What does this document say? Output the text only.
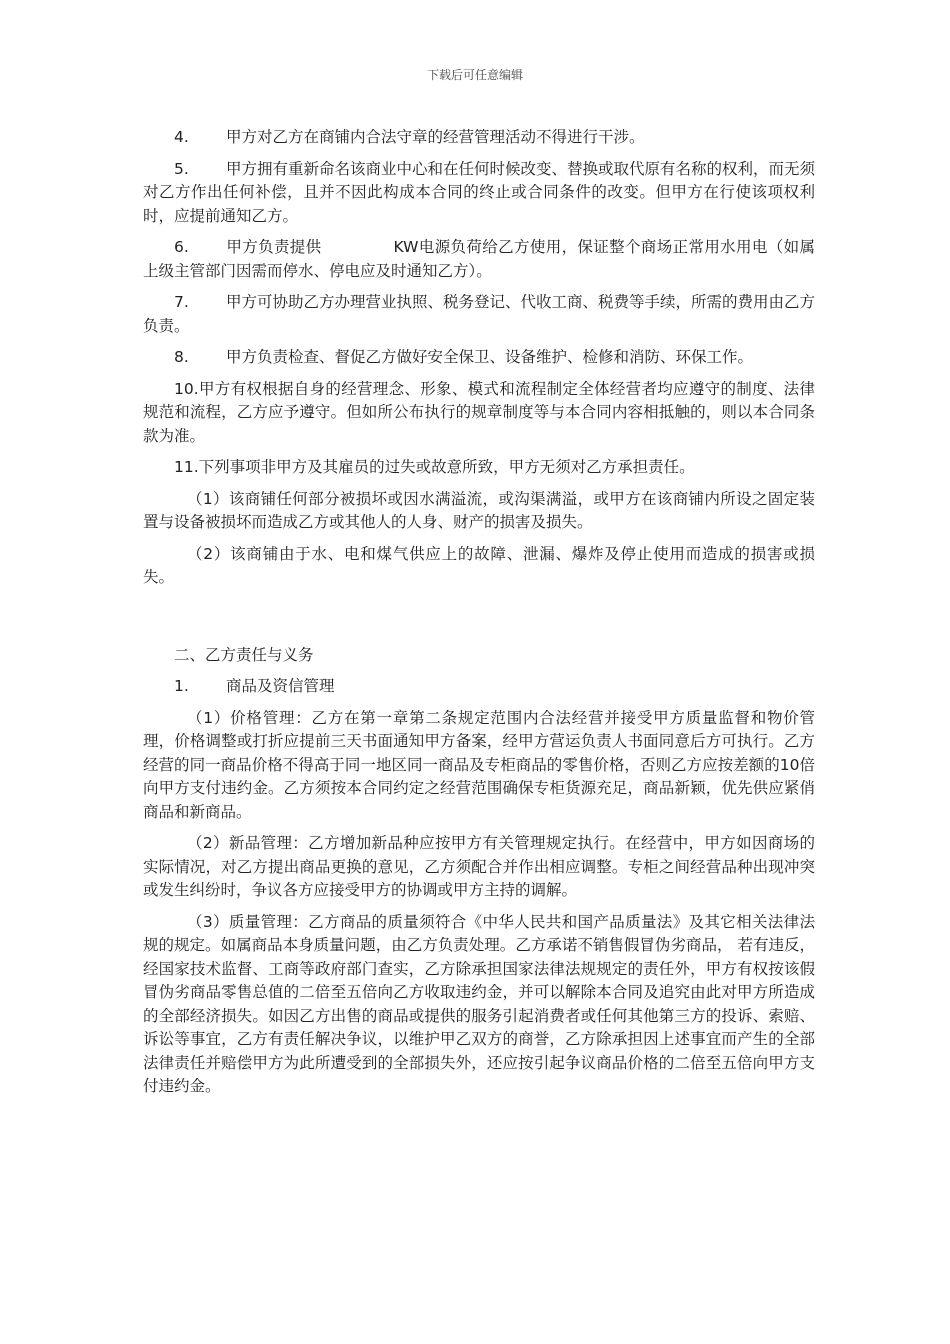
下载后可任意编辑

4. 甲方对乙方在商铺内合法守章的经营管理活动不得进行干涉。

5. 甲方拥有重新命名该商业中心和在任何时候改变、替换或取代原有名称的权利，而无须对乙方作出任何补偿，且并不因此构成本合同的终止或合同条件的改变。但甲方在行使该项权利时，应提前通知乙方。

6. 甲方负责提供	KW电源负荷给乙方使用，保证整个商场正常用水用电（如属上级主管部门因需而停水、停电应及时通知乙方）。

7. 甲方可协助乙方办理营业执照、税务登记、代收工商、税费等手续，所需的费用由乙方负责。

8. 甲方负责检查、督促乙方做好安全保卫、设备维护、检修和消防、环保工作。

10.甲方有权根据自身的经营理念、形象、模式和流程制定全体经营者均应遵守的制度、法律规范和流程，乙方应予遵守。但如所公布执行的规章制度等与本合同内容相抵触的，则以本合同条款为准。

11.下列事项非甲方及其雇员的过失或故意所致，甲方无须对乙方承担责任。

（1）该商铺任何部分被损坏或因水满溢流，或沟渠满溢，或甲方在该商铺内所设之固定装置与设备被损坏而造成乙方或其他人的人身、财产的损害及损失。

（2）该商铺由于水、电和煤气供应上的故障、泄漏、爆炸及停止使用而造成的损害或损失。

二、乙方责任与义务

1. 商品及资信管理

（1）价格管理：乙方在第一章第二条规定范围内合法经营并接受甲方质量监督和物价管理，价格调整或打折应提前三天书面通知甲方备案，经甲方营运负责人书面同意后方可执行。乙方经营的同一商品价格不得高于同一地区同一商品及专柜商品的零售价格，否则乙方应按差额的10倍向甲方支付违约金。乙方须按本合同约定之经营范围确保专柜货源充足，商品新颖，优先供应紧俏商品和新商品。

（2）新品管理：乙方增加新品种应按甲方有关管理规定执行。在经营中，甲方如因商场的实际情况，对乙方提出商品更换的意见，乙方须配合并作出相应调整。专柜之间经营品种出现冲突或发生纠纷时，争议各方应接受甲方的协调或甲方主持的调解。

（3）质量管理：乙方商品的质量须符合《中华人民共和国产品质量法》及其它相关法律法规的规定。如属商品本身质量问题，由乙方负责处理。乙方承诺不销售假冒伪劣商品， 若有违反，经国家技术监督、工商等政府部门查实，乙方除承担国家法律法规规定的责任外，甲方有权按该假冒伪劣商品零售总值的二倍至五倍向乙方收取违约金，并可以解除本合同及追究由此对甲方所造成的全部经济损失。如因乙方出售的商品或提供的服务引起消费者或任何其他第三方的投诉、索赔、诉讼等事宜，乙方有责任解决争议，以维护甲乙双方的商誉，乙方除承担因上述事宜而产生的全部法律责任并赔偿甲方为此所遭受到的全部损失外，还应按引起争议商品价格的二倍至五倍向甲方支付违约金。
